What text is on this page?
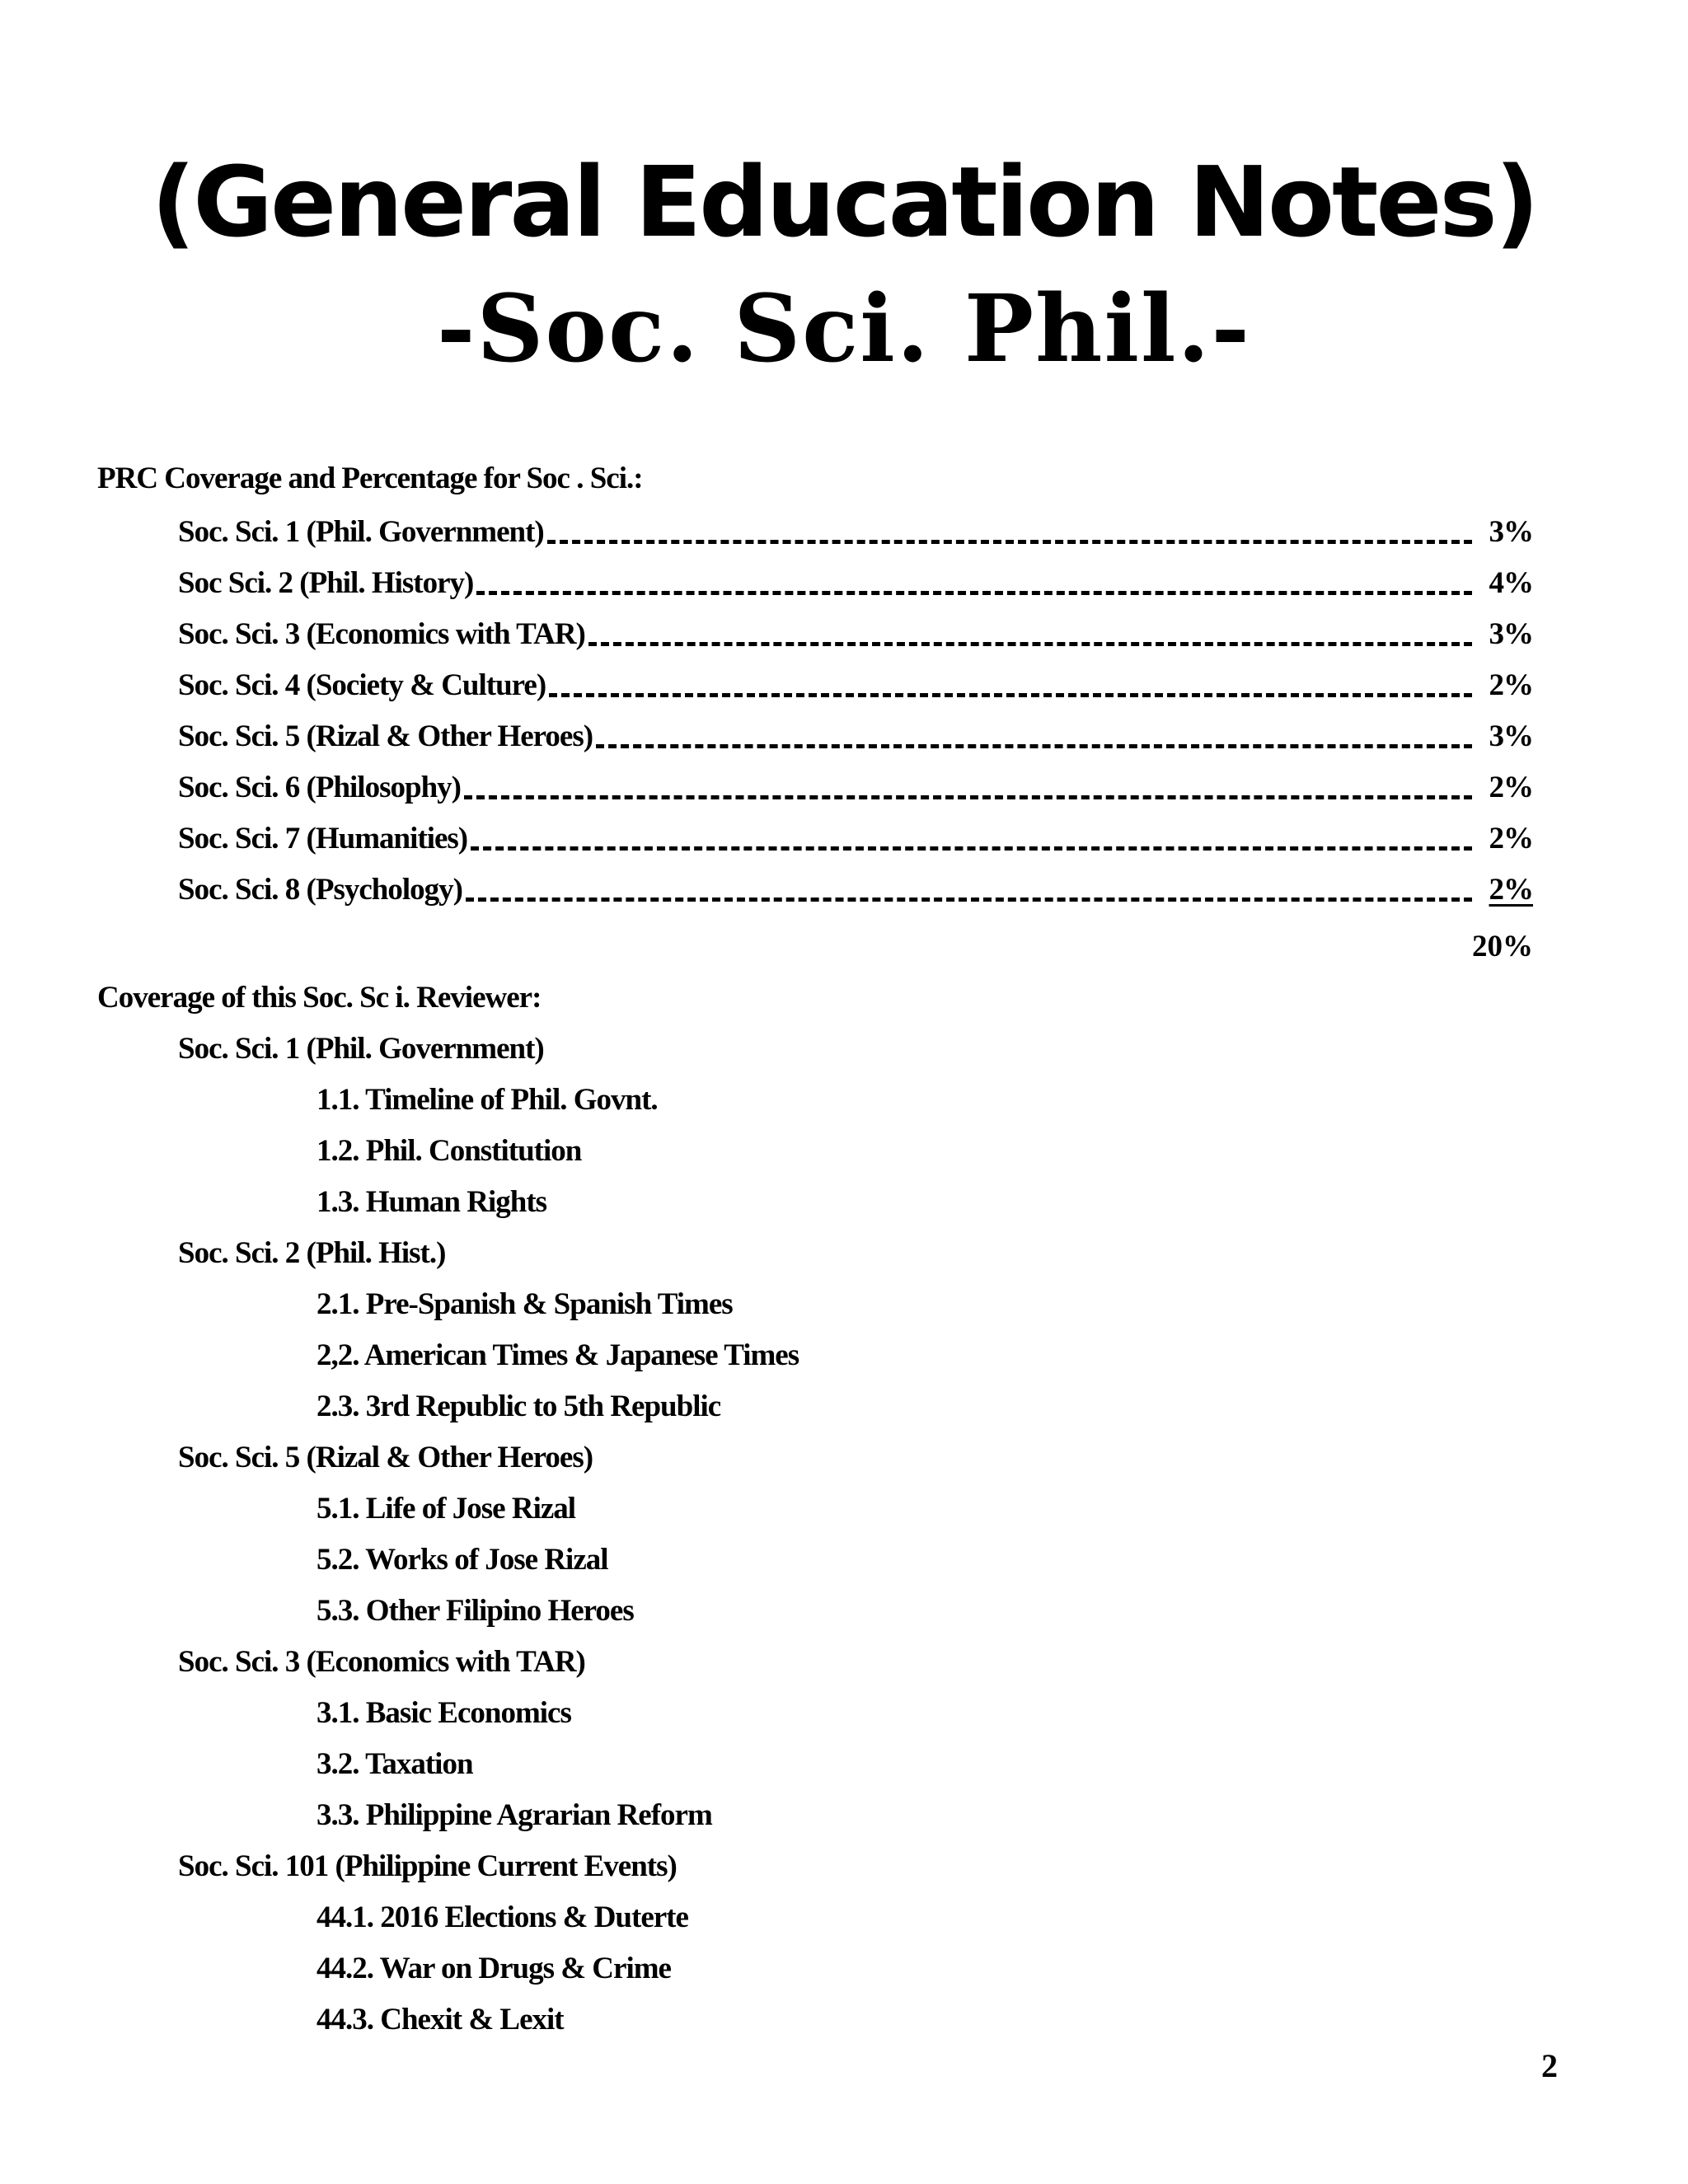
(General Education Notes)
-Soc. Sci. Phil.-
PRC Coverage and Percentage for Soc . Sci.:
Soc. Sci. 1 (Phil. Government)	3%
Soc Sci. 2 (Phil. History)	4%
Soc. Sci. 3 (Economics with TAR)	3%
Soc. Sci. 4 (Society & Culture)	2%
Soc. Sci. 5 (Rizal & Other Heroes)	3%
Soc. Sci. 6 (Philosophy)	2%
Soc. Sci. 7 (Humanities)	2%
Soc. Sci. 8 (Psychology)	2%
20%
Coverage of this Soc. Sc i. Reviewer:
Soc. Sci. 1 (Phil. Government)
1.1. Timeline of Phil. Govnt.
1.2. Phil. Constitution
1.3. Human Rights
Soc. Sci. 2 (Phil. Hist.)
2.1. Pre-Spanish & Spanish Times
2,2. American Times & Japanese Times
2.3. 3rd Republic to 5th Republic
Soc. Sci. 5 (Rizal & Other Heroes)
5.1. Life of Jose Rizal
5.2. Works of Jose Rizal
5.3. Other Filipino Heroes
Soc. Sci. 3 (Economics with TAR)
3.1. Basic Economics
3.2. Taxation
3.3. Philippine Agrarian Reform
Soc. Sci. 101 (Philippine Current Events)
44.1. 2016 Elections & Duterte
44.2. War on Drugs & Crime
44.3. Chexit & Lexit
2
